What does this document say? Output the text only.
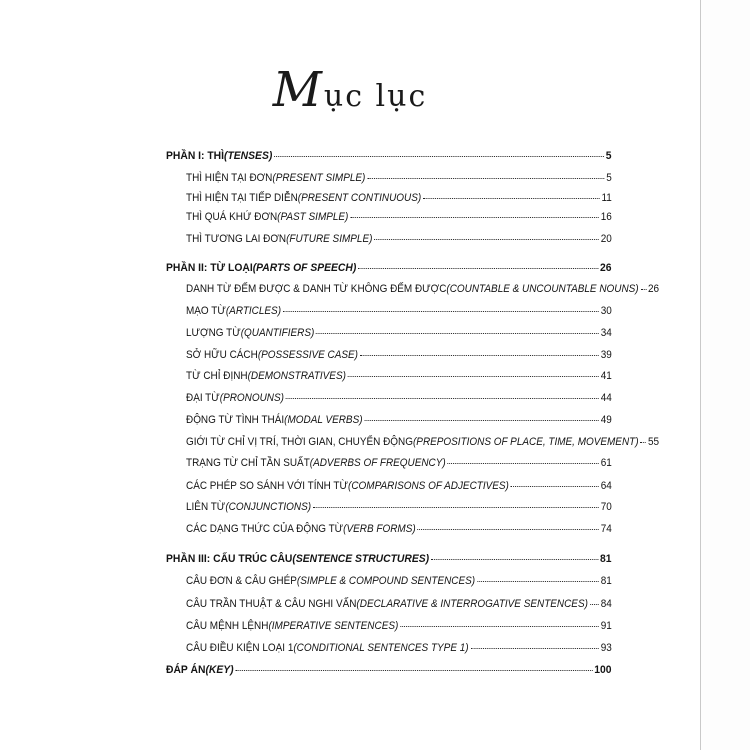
Mục lục
PHẦN I: THÌ (TENSES)	5
THÌ HIỆN TẠI ĐƠN (PRESENT SIMPLE)	5
THÌ HIỆN TẠI TIẾP DIỄN (PRESENT CONTINUOUS)	11
THÌ QUÁ KHỨ ĐƠN (PAST SIMPLE)	16
THÌ TƯƠNG LAI ĐƠN (FUTURE SIMPLE)	20
PHẦN II: TỪ LOẠI (PARTS OF SPEECH)	26
DANH TỪ ĐẾM ĐƯỢC & DANH TỪ KHÔNG ĐẾM ĐƯỢC (COUNTABLE & UNCOUNTABLE NOUNS) 26
MẠO TỪ (ARTICLES)	30
LƯỢNG TỪ (QUANTIFIERS)	34
SỞ HỮU CÁCH (POSSESSIVE CASE)	39
TỪ CHỈ ĐỊNH (DEMONSTRATIVES)	41
ĐẠI TỪ (PRONOUNS)	44
ĐỘNG TỪ TÌNH THÁI (MODAL VERBS)	49
GIỚI TỪ CHỈ VỊ TRÍ, THỜI GIAN, CHUYỂN ĐỘNG (PREPOSITIONS OF PLACE, TIME, MOVEMENT) 55
TRẠNG TỪ CHỈ TẦN SUẤT (ADVERBS OF FREQUENCY)	61
CÁC PHÉP SO SÁNH VỚI TÍNH TỪ (COMPARISONS OF ADJECTIVES)	64
LIÊN TỪ (CONJUNCTIONS)	70
CÁC DẠNG THỨC CỦA ĐỘNG TỪ (VERB FORMS)	74
PHẦN III: CẤU TRÚC CÂU (SENTENCE STRUCTURES)	81
CÂU ĐƠN & CÂU GHÉP (SIMPLE & COMPOUND SENTENCES)	81
CÂU TRẦN THUẬT & CÂU NGHI VẤN (DECLARATIVE & INTERROGATIVE SENTENCES) 84
CÂU MỆNH LỆNH (IMPERATIVE SENTENCES)	91
CÂU ĐIỀU KIỆN LOẠI 1 (CONDITIONAL SENTENCES TYPE 1)	93
ĐÁP ÁN (KEY)	100
